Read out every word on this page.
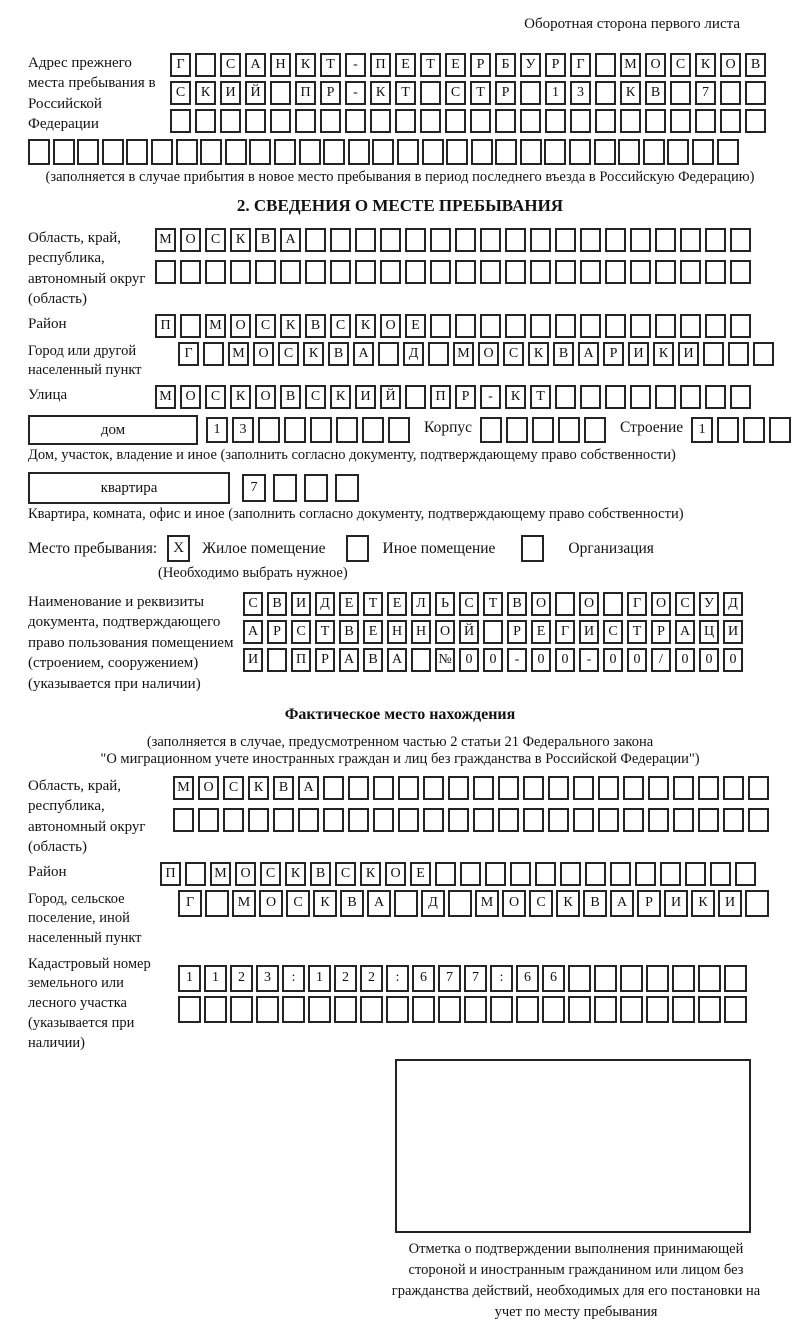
Оборотная сторона первого листа
Адрес прежнего места пребывания в Российской Федерации
Г	С	А	Н	К	Т	-	П	Е	Т	Е	Р	Б	У	Р	Г	М О	С	К	О	В
С	К	И	Й	П	Р	-	К	Т	С	Т	Р	1	3	К	В	7
(заполняется в случае прибытия в новое место пребывания в период последнего въезда в Российскую Федерацию)
2. СВЕДЕНИЯ О МЕСТЕ ПРЕБЫВАНИЯ
Область, край, республика, автономный округ (область)
М О	С	К	В	А
Район	П	М О	С	К	В	С	К	О	Е
Город или другой населенный пункт
Г	М О	С	К	В	А	Д	М О	С	К	В	А	Р	И	К	И
Улица	М О	С	К	О	В	С	К	И	Й	П	Р	-	К	Т
дом	1	3	Корпус	Строение	1
Дом, участок, владение и иное (заполнить согласно документу, подтверждающему право собственности)
квартира	7
Квартира, комната, офис и иное (заполнить согласно документу, подтверждающему право собственности)
Место пребывания:	X	Жилое помещение	Иное помещение	Организация
(Необходимо выбрать нужное)
Наименование и реквизиты документа, подтверждающего право пользования помещением (строением, сооружением) (указывается при наличии)
С	В	И	Д	Е	Т	Е	Л	Ь	С	Т	В	О	О	Г	О	С	У	Д
А	Р	С	Т	В	Е	Н Н О Й	Р	Е	Г	И	С	Т	Р	А Ц И
И	П	Р	А	В	А	№ 0	0	-	0	0	-	0	0	/	0	0	0
Фактическое место нахождения
(заполняется в случае, предусмотренном частью 2 статьи 21 Федерального закона
"О миграционном учете иностранных граждан и лиц без гражданства в Российской Федерации")
Область, край, республика, автономный округ (область)
М О	С	К	В	А
Район	П	М О	С	К	В	С	К	О	Е
Город, сельское поселение, иной населенный пункт
Г	М	О	С	К	В	А	Д	М	О	С	К	В	А	Р	И	К	И
Кадастровый номер земельного или лесного участка (указывается при наличии)
1	1	2	3	:	1	2	2	:	6	7	7	:	6	6
Отметка о подтверждении выполнения принимающей стороной и иностранным гражданином или лицом без гражданства действий, необходимых для его постановки на учет по месту пребывания
